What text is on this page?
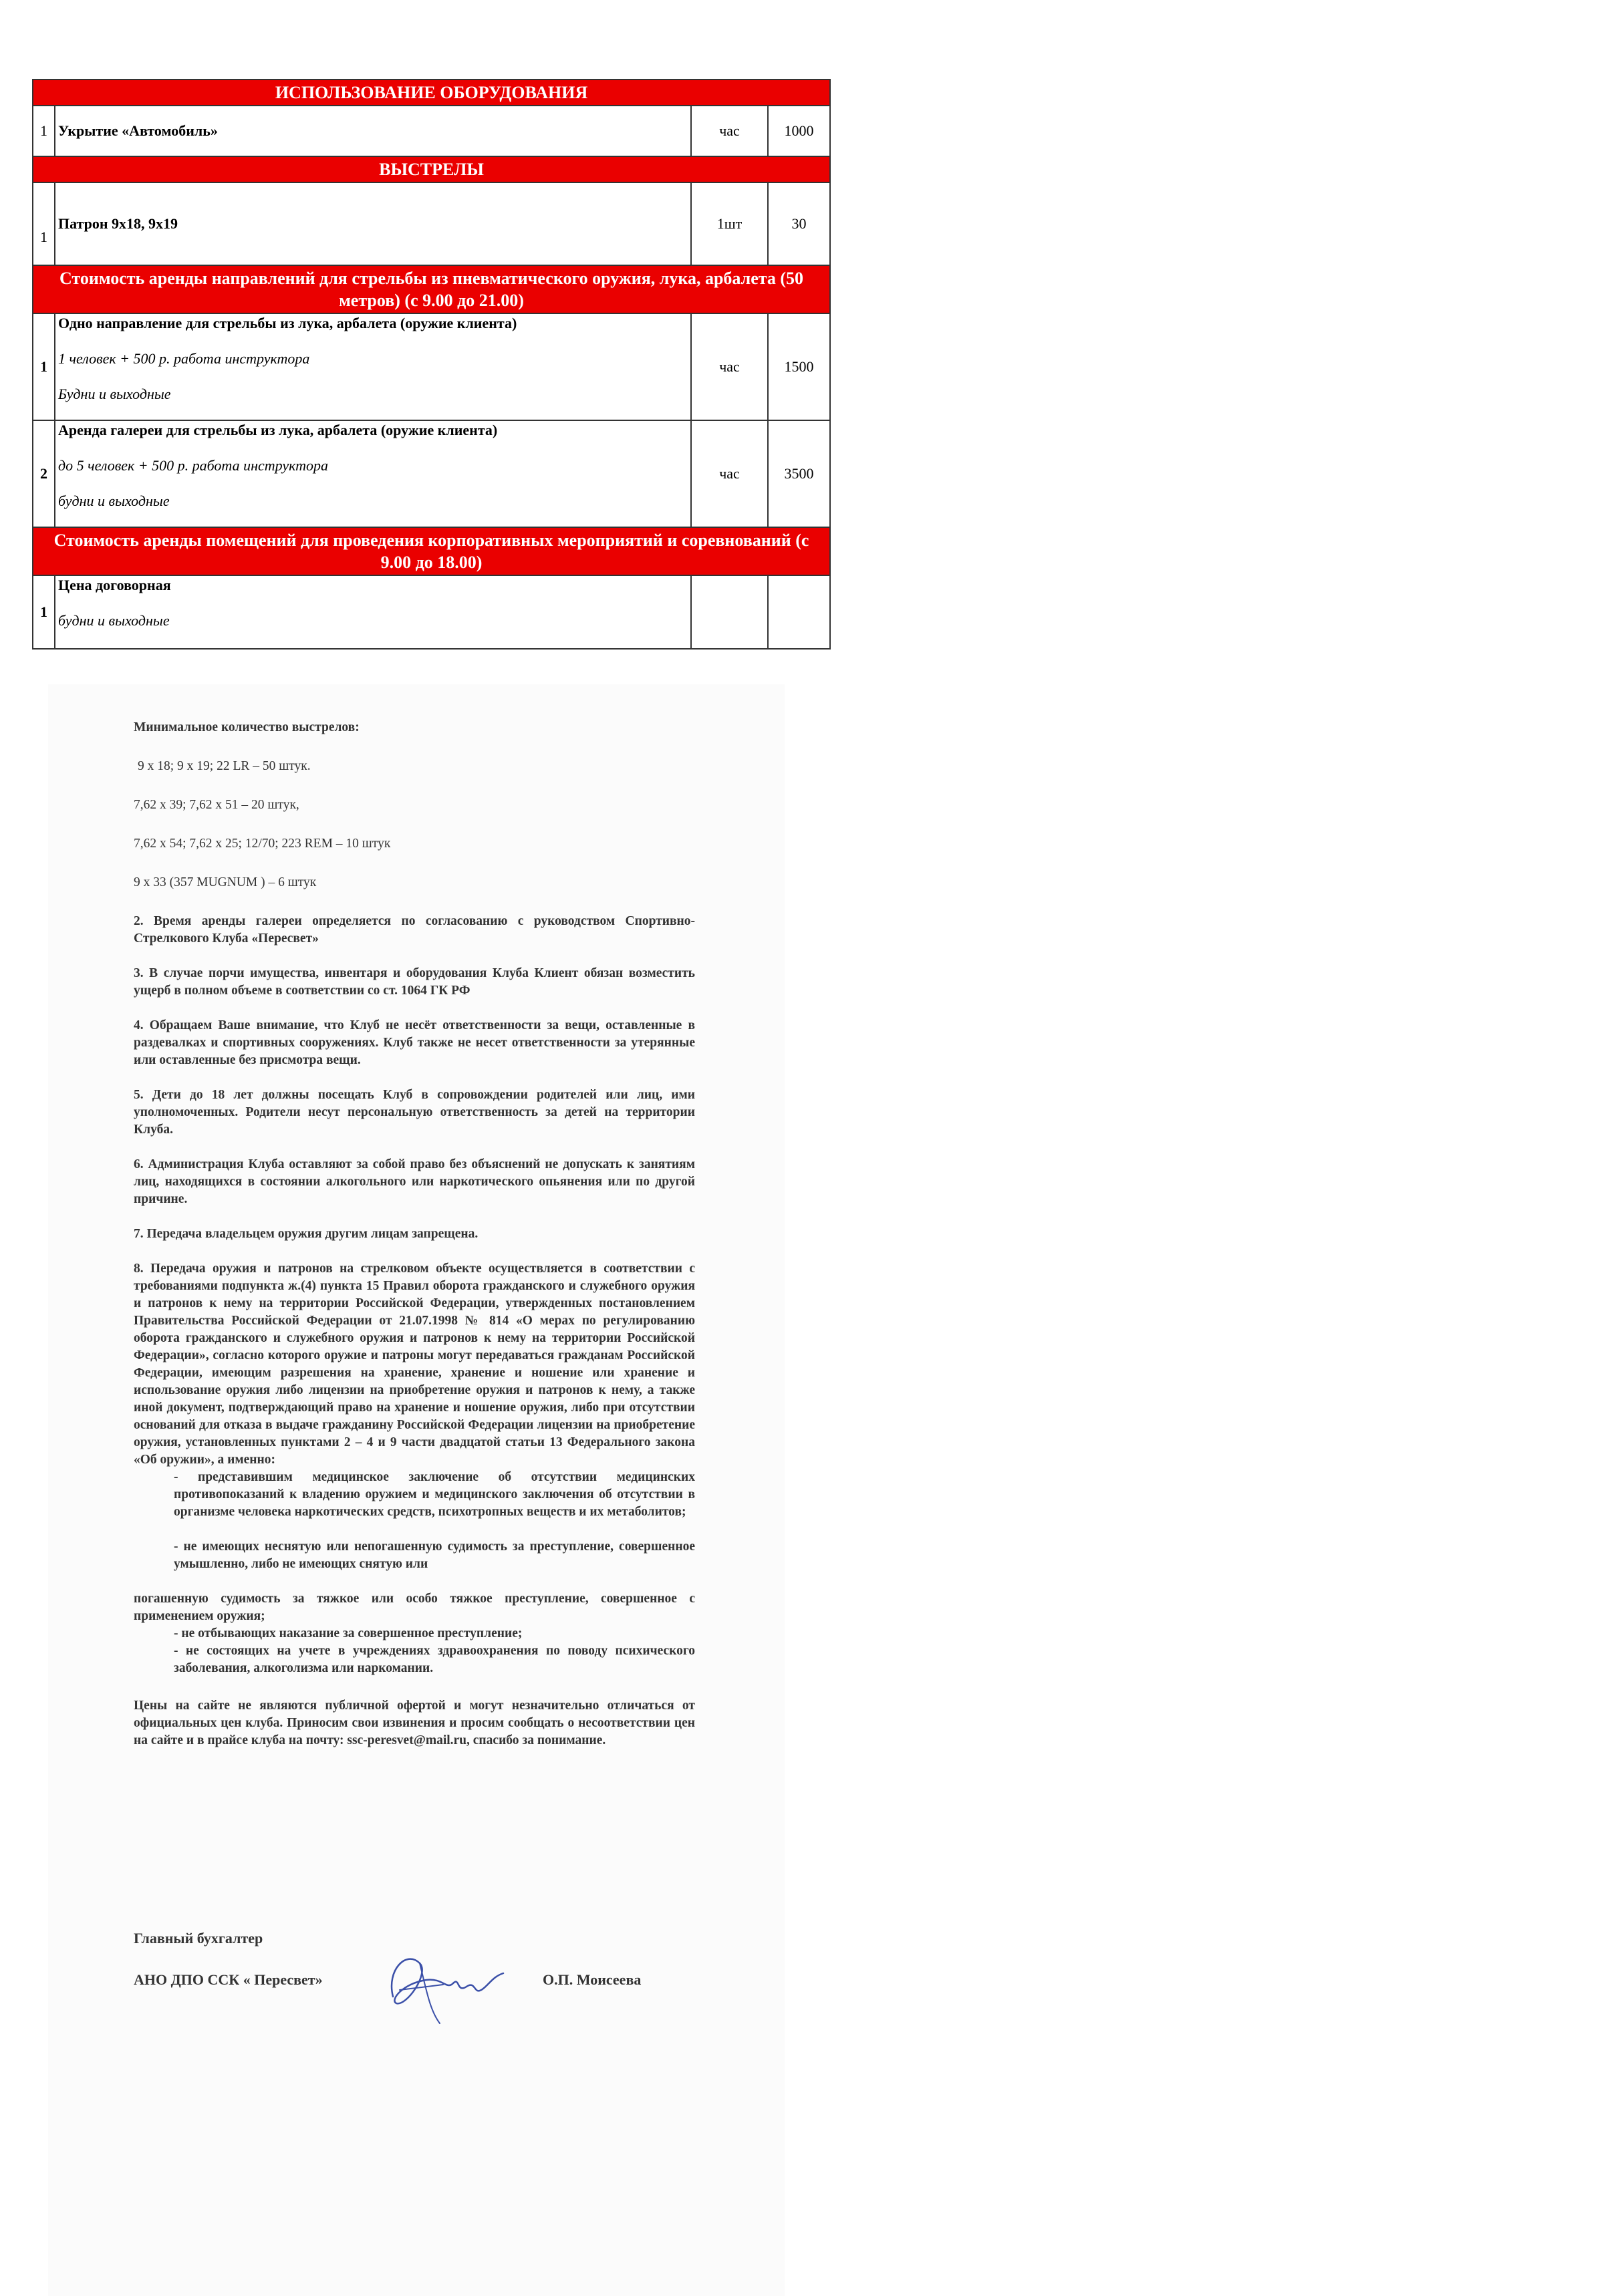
ИСПОЛЬЗОВАНИЕ ОБОРУДОВАНИЯ			
1	Укрытие «Автомобиль»	час	1000
ВЫСТРЕЛЫ			
1	Патрон 9х18, 9х19	1шт	30
Стоимость аренды направлений для стрельбы из пневматического оружия, лука, арбалета (50 метров) (с 9.00 до 21.00)			
1	Одно направление для стрельбы из лука, арбалета (оружие клиента)
1 человек + 500 р. работа инструктора
Будни и выходные	час	1500
2	Аренда галереи для стрельбы из лука, арбалета (оружие клиента)
до 5 человек + 500 р. работа инструктора
будни и выходные	час	3500
Стоимость аренды помещений для проведения корпоративных мероприятий и соревнований (с 9.00 до 18.00)			
1	Цена договорная
будни и выходные		

Минимальное количество выстрелов:

9 х 18; 9 х 19; 22 LR – 50 штук.

7,62 х 39; 7,62 х 51 – 20 штук,

7,62 х 54; 7,62 х 25; 12/70; 223 REM – 10 штук

9 х 33 (357 MUGNUM ) – 6 штук

2. Время аренды галереи определяется по согласованию с руководством Спортивно-Стрелкового Клуба «Пересвет»

3. В случае порчи имущества, инвентаря и оборудования Клуба Клиент обязан возместить ущерб в полном объеме в соответствии со ст. 1064 ГК РФ

4. Обращаем Ваше внимание, что Клуб не несёт ответственности за вещи, оставленные в раздевалках и спортивных сооружениях. Клуб также не несет ответственности за утерянные или оставленные без присмотра вещи.

5. Дети до 18 лет должны посещать Клуб в сопровождении родителей или лиц, ими уполномоченных. Родители несут персональную ответственность за детей на территории Клуба.

6. Администрация Клуба оставляют за собой право без объяснений не допускать к занятиям лиц, находящихся в состоянии алкогольного или наркотического опьянения или по другой причине.

7. Передача владельцем оружия другим лицам запрещена.

8. Передача оружия и патронов на стрелковом объекте осуществляется в соответствии с требованиями подпункта ж.(4) пункта 15 Правил оборота гражданского и служебного оружия и патронов к нему на территории Российской Федерации, утвержденных постановлением Правительства Российской Федерации от 21.07.1998 № 814 «О мерах по регулированию оборота гражданского и служебного оружия и патронов к нему на территории Российской Федерации», согласно которого оружие и патроны могут передаваться гражданам Российской Федерации, имеющим разрешения на хранение, хранение и ношение или хранение и использование оружия либо лицензии на приобретение оружия и патронов к нему, а также иной документ, подтверждающий право на хранение и ношение оружия, либо при отсутствии оснований для отказа в выдаче гражданину Российской Федерации лицензии на приобретение оружия, установленных пунктами 2 – 4 и 9 части двадцатой статьи 13 Федерального закона «Об оружии», а именно:

- представившим медицинское заключение об отсутствии медицинских противопоказаний к владению оружием и медицинского заключения об отсутствии в организме человека наркотических средств, психотропных веществ и их метаболитов;

- не имеющих неснятую или непогашенную судимость за преступление, совершенное умышленно, либо не имеющих снятую или

погашенную судимость за тяжкое или особо тяжкое преступление, совершенное с применением оружия;

- не отбывающих наказание за совершенное преступление;

- не состоящих на учете в учреждениях здравоохранения по поводу психического заболевания, алкоголизма или наркомании.

Цены на сайте не являются публичной офертой и могут незначительно отличаться от официальных цен клуба. Приносим свои извинения и просим сообщать о несоответствии цен на сайте и в прайсе клуба на почту: ssc-peresvet@mail.ru, спасибо за понимание.

Главный бухгалтер
АНО ДПО ССК « Пересвет»	О.П. Моисеева
